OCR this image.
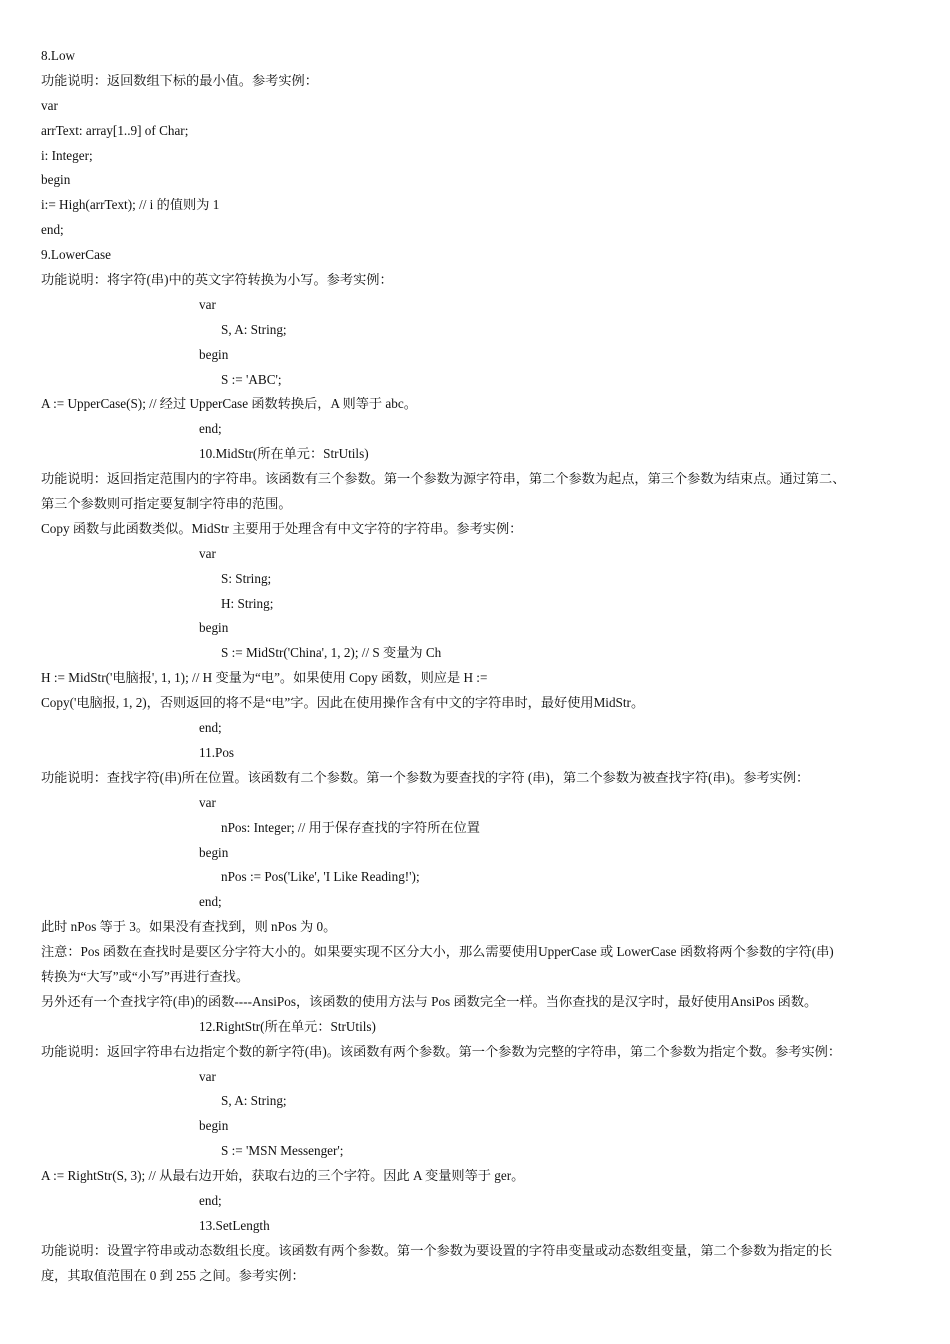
8.Low
功能说明：返回数组下标的最小值。参考实例：
var
arrText: array[1..9] of Char;
i: Integer;
begin
i:= High(arrText); // i 的值则为 1
end;
9.LowerCase
功能说明：将字符(串)中的英文字符转换为小写。参考实例：
var
S, A: String;
begin
S := 'ABC';
A := UpperCase(S); // 经过 UpperCase 函数转换后，A 则等于 abc。
end;
10.MidStr(所在单元：StrUtils)
功能说明：返回指定范围内的字符串。该函数有三个参数。第一个参数为源字符串，第二个参数为起点，第三个参数为结束点。通过第二、
第三个参数则可指定要复制字符串的范围。
Copy 函数与此函数类似。MidStr 主要用于处理含有中文字符的字符串。参考实例：
var
S: String;
H: String;
begin
S := MidStr('China', 1, 2); // S 变量为 Ch
H := MidStr('电脑报', 1, 1); // H 变量为“电”。如果使用 Copy 函数，则应是 H :=
Copy('电脑报, 1, 2)，否则返回的将不是“电”字。因此在使用操作含有中文的字符串时，最好使用MidStr。
end;
11.Pos
功能说明：查找字符(串)所在位置。该函数有二个参数。第一个参数为要查找的字符 (串)，第二个参数为被查找字符(串)。参考实例：
var
nPos: Integer; // 用于保存查找的字符所在位置
begin
nPos := Pos('Like', 'I Like Reading!');
end;
此时 nPos 等于 3。如果没有查找到，则 nPos 为 0。
注意：Pos 函数在查找时是要区分字符大小的。如果要实现不区分大小，那么需要使用UpperCase 或 LowerCase 函数将两个参数的字符(串)
转换为“大写”或“小写”再进行查找。
另外还有一个查找字符(串)的函数----AnsiPos，该函数的使用方法与 Pos 函数完全一样。当你查找的是汉字时，最好使用AnsiPos 函数。
12.RightStr(所在单元：StrUtils)
功能说明：返回字符串右边指定个数的新字符(串)。该函数有两个参数。第一个参数为完整的字符串，第二个参数为指定个数。参考实例：
var
S, A: String;
begin
S := 'MSN Messenger';
A := RightStr(S, 3); // 从最右边开始，获取右边的三个字符。因此 A 变量则等于 ger。
end;
13.SetLength
功能说明：设置字符串或动态数组长度。该函数有两个参数。第一个参数为要设置的字符串变量或动态数组变量，第二个参数为指定的长
度，其取值范围在 0 到 255 之间。参考实例：
